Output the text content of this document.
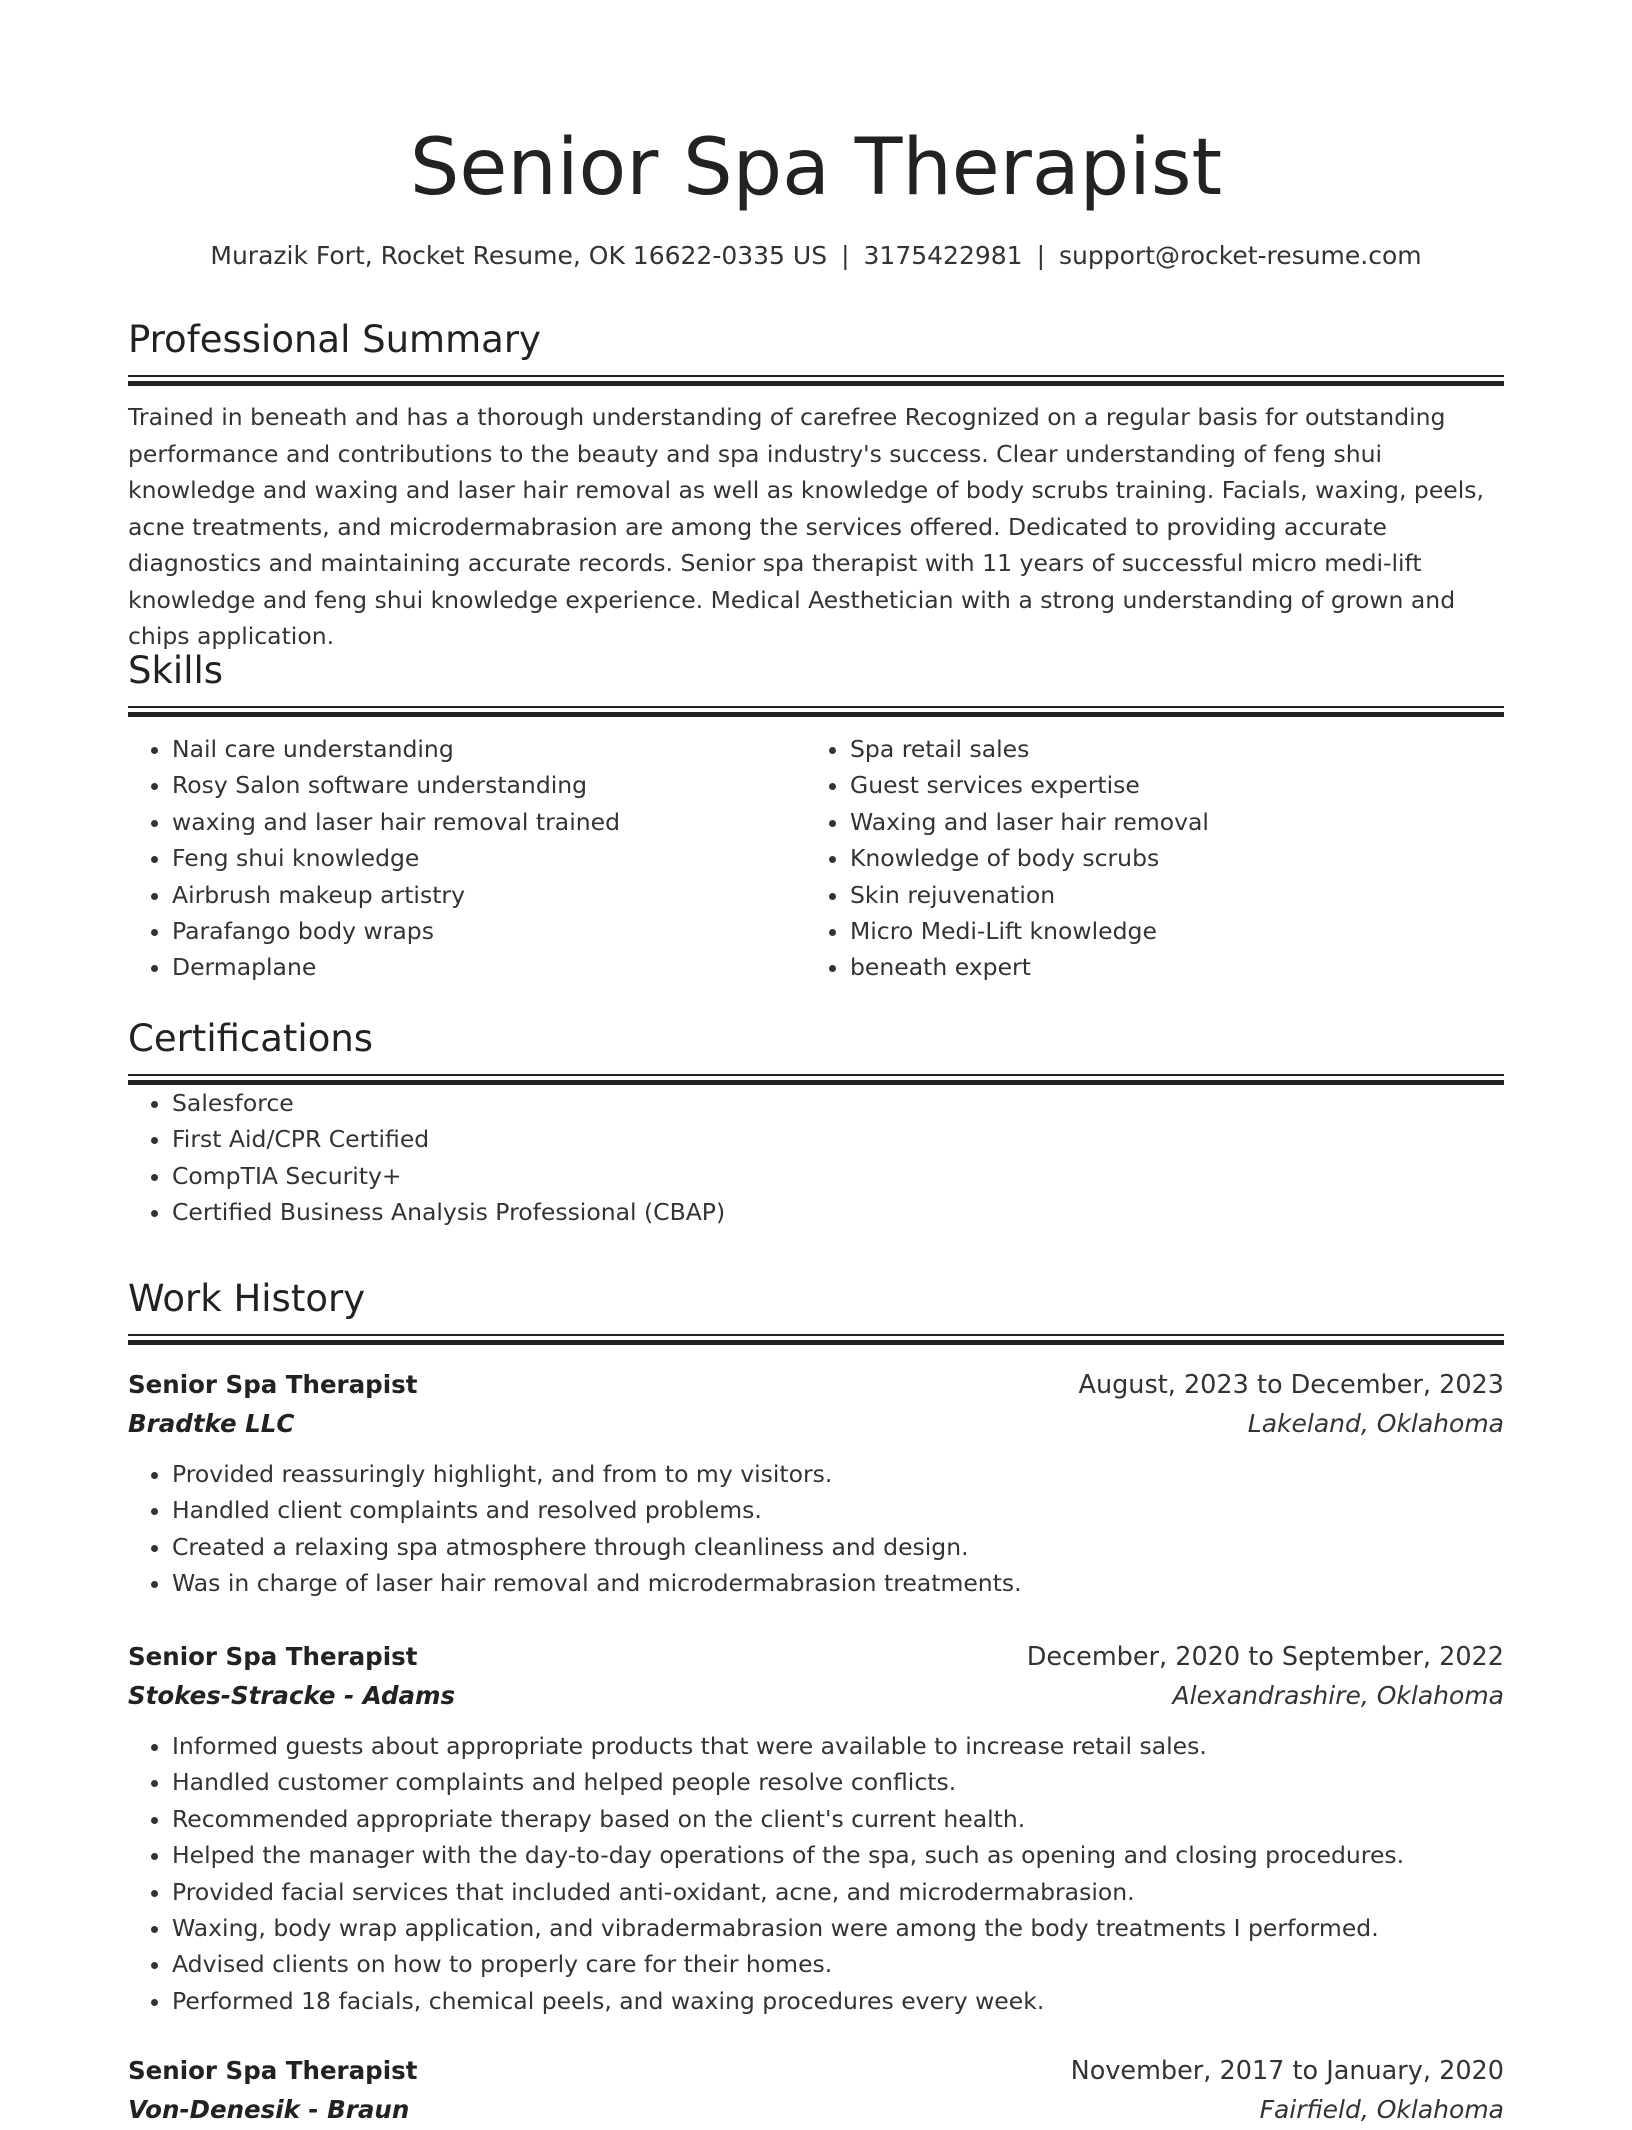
Senior Spa Therapist
Murazik Fort, Rocket Resume, OK 16622-0335 US | 3175422981 | support@rocket-resume.com
Professional Summary

Trained in beneath and has a thorough understanding of carefree Recognized on a regular basis for outstanding performance and contributions to the beauty and spa industry's success. Clear understanding of feng shui knowledge and waxing and laser hair removal as well as knowledge of body scrubs training. Facials, waxing, peels, acne treatments, and microdermabrasion are among the services offered. Dedicated to providing accurate diagnostics and maintaining accurate records. Senior spa therapist with 11 years of successful micro medi-lift knowledge and feng shui knowledge experience. Medical Aesthetician with a strong understanding of grown and chips application.

Skills
• Nail care understanding
• Rosy Salon software understanding
• waxing and laser hair removal trained
• Feng shui knowledge
• Airbrush makeup artistry
• Parafango body wraps
• Dermaplane
• Spa retail sales
• Guest services expertise
• Waxing and laser hair removal
• Knowledge of body scrubs
• Skin rejuvenation
• Micro Medi-Lift knowledge
• beneath expert
Certifications
• Salesforce
• First Aid/CPR Certified
• CompTIA Security+
• Certified Business Analysis Professional (CBAP)
Work History
Senior Spa Therapist	August, 2023 to December, 2023
Bradtke LLC	Lakeland, Oklahoma
• Provided reassuringly highlight, and from to my visitors.
• Handled client complaints and resolved problems.
• Created a relaxing spa atmosphere through cleanliness and design.
• Was in charge of laser hair removal and microdermabrasion treatments.
Senior Spa Therapist	December, 2020 to September, 2022
Stokes-Stracke - Adams	Alexandrashire, Oklahoma
• Informed guests about appropriate products that were available to increase retail sales.
• Handled customer complaints and helped people resolve conflicts.
• Recommended appropriate therapy based on the client's current health.
• Helped the manager with the day-to-day operations of the spa, such as opening and closing procedures.
• Provided facial services that included anti-oxidant, acne, and microdermabrasion.
• Waxing, body wrap application, and vibradermabrasion were among the body treatments I performed.
• Advised clients on how to properly care for their homes.
• Performed 18 facials, chemical peels, and waxing procedures every week.
Senior Spa Therapist	November, 2017 to January, 2020
Von-Denesik - Braun	Fairfield, Oklahoma
